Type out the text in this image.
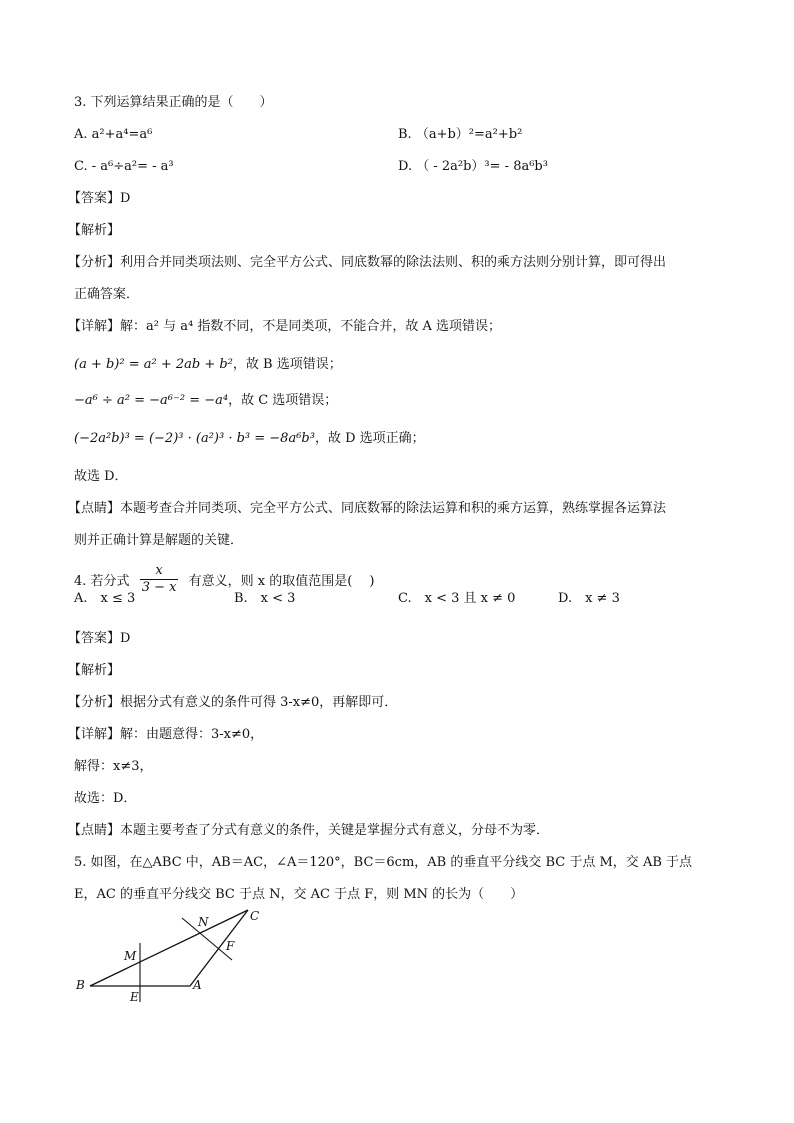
3. 下列运算结果正确的是（　　）
A. a²+a⁴=a⁶	B. （a+b）²=a²+b²
C. - a⁶÷a²= - a³	D. （ - 2a²b）³= - 8a⁶b³
【答案】D
【解析】
【分析】利用合并同类项法则、完全平方公式、同底数幂的除法法则、积的乘方法则分别计算，即可得出
正确答案．
【详解】解：a² 与 a⁴ 指数不同，不是同类项，不能合并，故 A 选项错误；
(a + b)² = a² + 2ab + b²，故 B 选项错误；
−a⁶ ÷ a² = −a⁶⁻² = −a⁴，故 C 选项错误；
(−2a²b)³ = (−2)³ · (a²)³ · b³ = −8a⁶b³，故 D 选项正确；
故选 D．
【点睛】本题考查合并同类项、完全平方公式、同底数幂的除法运算和积的乘方运算，熟练掌握各运算法
则并正确计算是解题的关键．
4. 若分式 $\frac{x}{3 - x}$ 有意义，则 x 的取值范围是(　 )
A.　x ≤ 3	B.　x < 3	C.　x < 3 且 x ≠ 0	D.　x ≠ 3
【答案】D
【解析】
【分析】根据分式有意义的条件可得 3-x≠0，再解即可．
【详解】解：由题意得：3-x≠0，
解得：x≠3，
故选：D．
【点睛】本题主要考查了分式有意义的条件，关键是掌握分式有意义，分母不为零．
5. 如图，在△ABC 中，AB＝AC，∠A＝120°，BC＝6cm，AB 的垂直平分线交 BC 于点 M，交 AB 于点
E，AC 的垂直平分线交 BC 于点 N，交 AC 于点 F，则 MN 的长为（　　）
B	A
C
M
E
N
F
